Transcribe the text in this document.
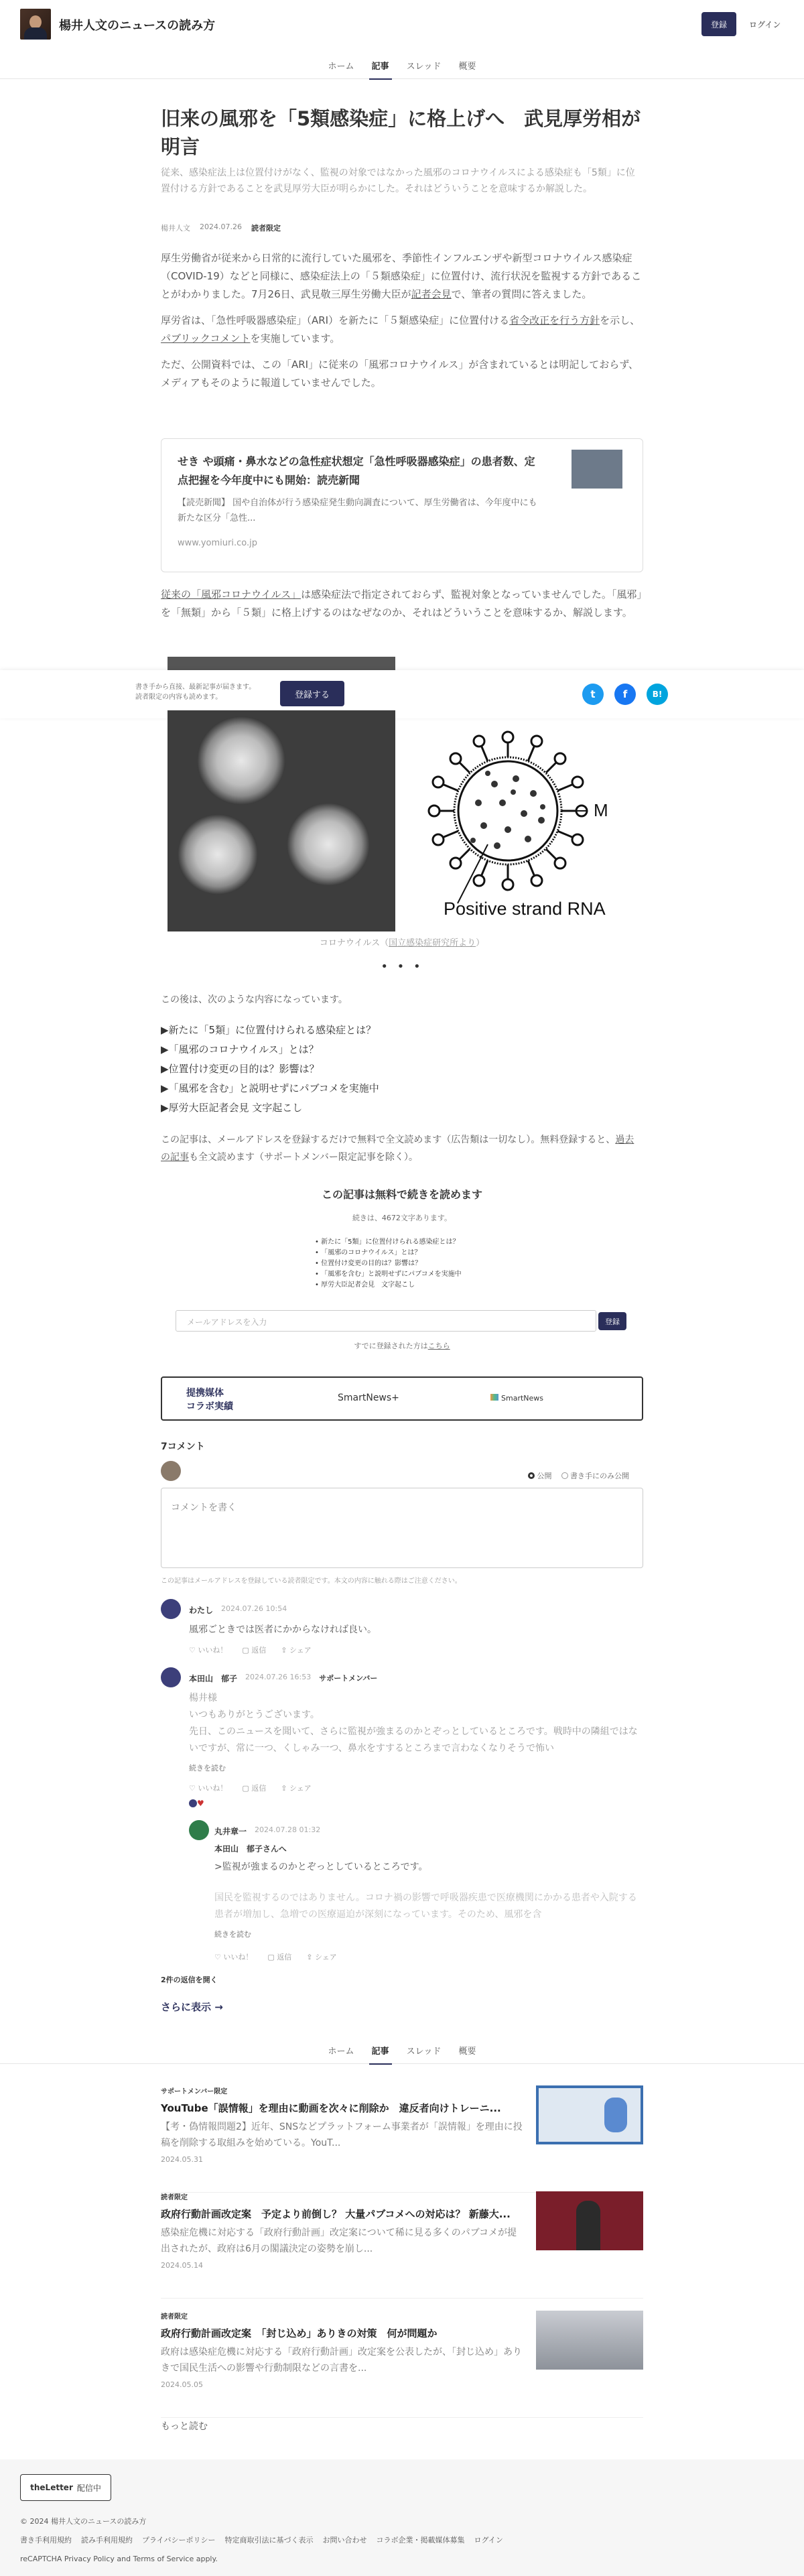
楊井人文のニュースの読み方	登録	ログイン
ホーム 記事 スレッド 概要
旧来の風邪を「5類感染症」に格上げへ　武見厚労相が明言
従来、感染症法上は位置付けがなく、監視の対象ではなかった風邪のコロナウイルスによる感染症も「5類」に位置付ける方針であることを武見厚労大臣が明らかにした。それはどういうことを意味するか解説した。
楊井人文 2024.07.26 読者限定

厚生労働省が従来から日常的に流行していた風邪を、季節性インフルエンザや新型コロナウイルス感染症（COVID-19）などと同様に、感染症法上の「５類感染症」に位置付け、流行状況を監視する方針であることがわかりました。7月26日、武見敬三厚生労働大臣が記者会見で、筆者の質問に答えました。

厚労省は、「急性呼吸器感染症」（ARI）を新たに「５類感染症」に位置付ける省令改正を行う方針を示し、パブリックコメントを実施しています。

ただ、公開資料では、この「ARI」に従来の「風邪コロナウイルス」が含まれているとは明記しておらず、メディアもそのように報道していませんでした。

せき や頭痛・鼻水などの急性症状想定「急性呼吸器感染症」の患者数、定点把握を今年度中にも開始：読売新聞
【読売新聞】 国や自治体が行う感染症発生動向調査について、厚生労働省は、今年度中にも新たな区分「急性...
www.yomiuri.co.jp

従来の「風邪コロナウイルス」は感染症法で指定されておらず、監視対象となっていませんでした。「風邪」を「無類」から「５類」に格上げするのはなぜなのか、それはどういうことを意味するか、解説します。

書き手から直接、最新記事が届きます。
読者限定の内容も読めます。	登録する	t	f	B!
M
Positive strand RNA
コロナウイルス（国立感染症研究所より）
• • •

この後は、次のような内容になっています。

▶新たに「5類」に位置付けられる感染症とは？

▶「風邪のコロナウイルス」とは？

▶位置付け変更の目的は？影響は？

▶「風邪を含む」と説明せずにパブコメを実施中

▶厚労大臣記者会見 文字起こし

この記事は、メールアドレスを登録するだけで無料で全文読めます（広告類は一切なし）。無料登録すると、過去の記事も全文読めます（サポートメンバー限定記事を除く）。

この記事は無料で続きを読めます
続きは、4672文字あります。
• 新たに「5類」に位置付けられる感染症とは？
• 「風邪のコロナウイルス」とは？
• 位置付け変更の目的は？影響は？
• 「風邪を含む」と説明せずにパブコメを実施中
• 厚労大臣記者会見　文字起こし
メールアドレスを入力	登録
すでに登録された方はこちら
提携媒体
コラボ実績
SmartNews+	SmartNews
7コメント
公開	書き手にのみ公開
コメントを書く
この記事はメールアドレスを登録している読者限定です。本文の内容に触れる際はご注意ください。
わたし 2024.07.26 10:54
風邪ごときでは医者にかからなければ良い。
♡ いいね！ ▢ 返信 ⇪ シェア
本田山　郁子 2024.07.26 16:53 サポートメンバー
楊井様
いつもありがとうございます。
先日、このニュースを聞いて、さらに監視が強まるのかとぞっとしているところです。戦時中の隣組ではないですが、常に一つ、くしゃみ一つ、鼻水をすするところまで言わなくなりそうで怖い
続きを読む
♡ いいね！ ▢ 返信 ⇪ シェア
♥
丸井章一 2024.07.28 01:32
本田山　郁子さんへ
>監視が強まるのかとぞっとしているところです。
国民を監視するのではありません。コロナ禍の影響で呼吸器疾患で医療機関にかかる患者や入院する患者が増加し、急増での医療逼迫が深刻になっています。そのため、風邪を含
続きを読む
♡ いいね！ ▢ 返信 ⇪ シェア
2件の返信を開く
さらに表示 →
ホーム 記事 スレッド 概要
サポートメンバー限定
YouTube「誤情報」を理由に動画を次々に削除か　違反者向けトレーニ...
【考・偽情報問題2】近年、SNSなどプラットフォーム事業者が「誤情報」を理由に投稿を削除する取組みを始めている。YouT...
2024.05.31
読者限定
政府行動計画改定案　予定より前倒し？ 大量パブコメへの対応は？ 新藤大...
感染症危機に対応する「政府行動計画」改定案について稀に見る多くのパブコメが提出されたが、政府は6月の閣議決定の姿勢を崩し...
2024.05.14
読者限定
政府行動計画改定案　「封じ込め」ありきの対策　何が問題か
政府は感染症危機に対応する「政府行動計画」改定案を公表したが、「封じ込め」ありきで国民生活への影響や行動制限などの言書を...
2024.05.05
もっと読む
theLetter 配信中
© 2024 楊井人文のニュースの読み方
書き手利用規約 読み手利用規約 プライバシーポリシー 特定商取引法に基づく表示 お問い合わせ コラボ企業・掲載媒体募集 ログイン
reCAPTCHA Privacy Policy and Terms of Service apply.
